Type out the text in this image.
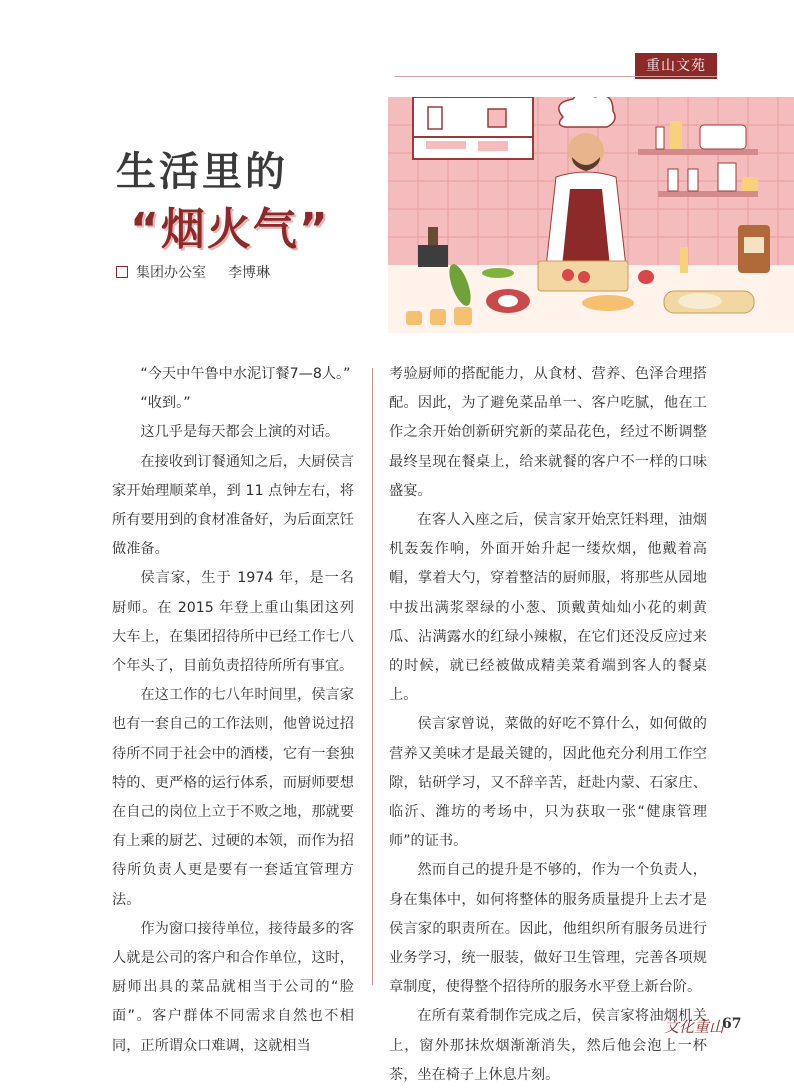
重山文苑
生活里的
“烟火气”
集团办公室 李博琳

“今天中午鲁中水泥订餐7—8人。”

“收到。”

这几乎是每天都会上演的对话。

在接收到订餐通知之后，大厨侯言家开始理顺菜单，到 11 点钟左右，将所有要用到的食材准备好，为后面烹饪做准备。

侯言家，生于 1974 年，是一名厨师。在 2015 年登上重山集团这列大车上，在集团招待所中已经工作七八个年头了，目前负责招待所所有事宜。

在这工作的七八年时间里，侯言家也有一套自己的工作法则，他曾说过招待所不同于社会中的酒楼，它有一套独特的、更严格的运行体系，而厨师要想在自己的岗位上立于不败之地，那就要有上乘的厨艺、过硬的本领，而作为招待所负责人更是要有一套适宜管理方法。

作为窗口接待单位，接待最多的客人就是公司的客户和合作单位，这时，厨师出具的菜品就相当于公司的“脸面”。客户群体不同需求自然也不相同，正所谓众口难调，这就相当

考验厨师的搭配能力，从食材、营养、色泽合理搭配。因此，为了避免菜品单一、客户吃腻，他在工作之余开始创新研究新的菜品花色，经过不断调整最终呈现在餐桌上，给来就餐的客户不一样的口味盛宴。

在客人入座之后，侯言家开始烹饪料理，油烟机轰轰作响，外面开始升起一缕炊烟，他戴着高帽，掌着大勺，穿着整洁的厨师服，将那些从园地中拔出满浆翠绿的小葱、顶戴黄灿灿小花的刺黄瓜、沾满露水的红绿小辣椒，在它们还没反应过来的时候，就已经被做成精美菜肴端到客人的餐桌上。

侯言家曾说，菜做的好吃不算什么，如何做的营养又美味才是最关键的，因此他充分利用工作空隙，钻研学习，又不辞辛苦，赶赴内蒙、石家庄、临沂、潍坊的考场中，只为获取一张“健康管理师”的证书。

然而自己的提升是不够的，作为一个负责人，身在集体中，如何将整体的服务质量提升上去才是侯言家的职责所在。因此，他组织所有服务员进行业务学习，统一服装，做好卫生管理，完善各项规章制度，使得整个招待所的服务水平登上新台阶。

在所有菜肴制作完成之后，侯言家将油烟机关上，窗外那抹炊烟渐渐消失，然后他会泡上一杯茶，坐在椅子上休息片刻。

文化重山
67
